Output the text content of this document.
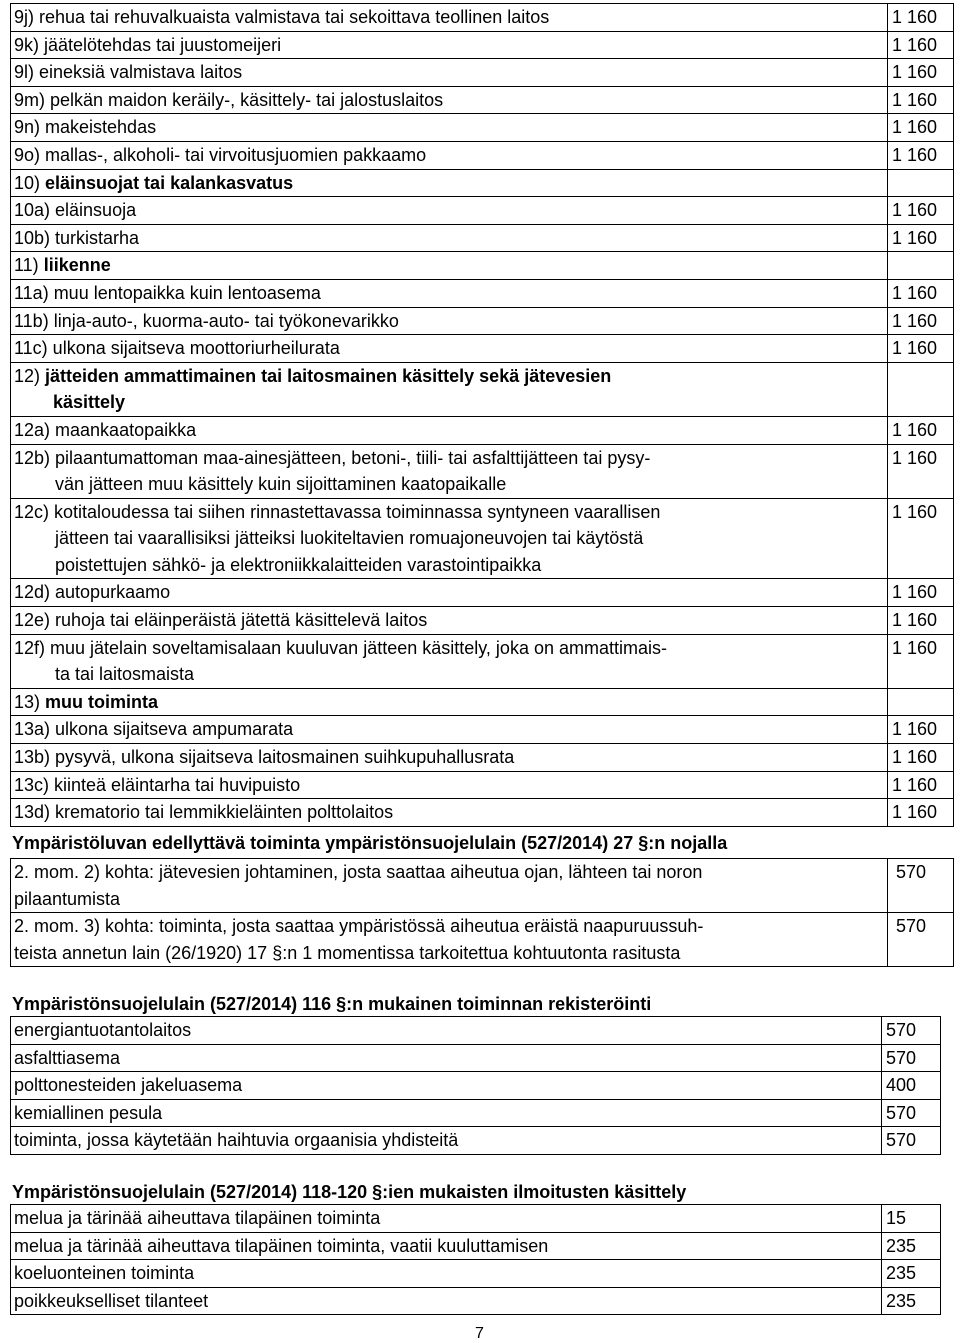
9j) rehua tai rehuvalkuaista valmistava tai sekoittava teollinen laitos	1 160
9k) jäätelötehdas tai juustomeijeri	1 160
9l) eineksiä valmistava laitos	1 160
9m) pelkän maidon keräily-, käsittely- tai jalostuslaitos	1 160
9n) makeistehdas	1 160
9o) mallas-, alkoholi- tai virvoitusjuomien pakkaamo	1 160
10) eläinsuojat tai kalankasvatus	
10a) eläinsuoja	1 160
10b) turkistarha	1 160
11) liikenne	
11a) muu lentopaikka kuin lentoasema	1 160
11b) linja-auto-, kuorma-auto- tai työkonevarikko	1 160
11c) ulkona sijaitseva moottoriurheilurata	1 160
12) jätteiden ammattimainen tai laitosmainen käsittely sekä jätevesien
käsittely	

12a) maankaatopaikka	1 160

12b) pilaantumattoman maa-ainesjätteen, betoni-, tiili- tai asfalttijätteen tai pysy-
vän jätteen muu käsittely kuin sijoittaminen kaatopaikalle	1 160

12c) kotitaloudessa tai siihen rinnastettavassa toiminnassa syntyneen vaarallisen
jätteen tai vaarallisiksi jätteiksi luokiteltavien romuajoneuvojen tai käytöstä
poistettujen sähkö- ja elektroniikkalaitteiden varastointipaikka	1 160
12d) autopurkaamo	1 160
12e) ruhoja tai eläinperäistä jätettä käsittelevä laitos	1 160

12f) muu jätelain soveltamisalaan kuuluvan jätteen käsittely, joka on ammattimais-
ta tai laitosmaista	1 160
13) muu toiminta	
13a) ulkona sijaitseva ampumarata	1 160
13b) pysyvä, ulkona sijaitseva laitosmainen suihkupuhallusrata	1 160
13c) kiinteä eläintarha tai huvipuisto	1 160
13d) krematorio tai lemmikkieläinten polttolaitos	1 160
Ympäristöluvan edellyttävä toiminta ympäristönsuojelulain (527/2014) 27 §:n nojalla
2. mom. 2) kohta: jätevesien johtaminen, josta saattaa aiheutua ojan, lähteen tai noron
pilaantumista	570

2. mom. 3) kohta: toiminta, josta saattaa ympäristössä aiheutua eräistä naapuruussuh-
teista annetun lain (26/1920) 17 §:n 1 momentissa tarkoitettua kohtuutonta rasitusta	570
Ympäristönsuojelulain (527/2014) 116 §:n mukainen toiminnan rekisteröinti
energiantuotantolaitos	570
asfalttiasema	570
polttonesteiden jakeluasema	400
kemiallinen pesula	570
toiminta, jossa käytetään haihtuvia orgaanisia yhdisteitä	570
Ympäristönsuojelulain (527/2014) 118-120 §:ien mukaisten ilmoitusten käsittely
melua ja tärinää aiheuttava tilapäinen toiminta	15
melua ja tärinää aiheuttava tilapäinen toiminta, vaatii kuuluttamisen	235
koeluonteinen toiminta	235
poikkeukselliset tilanteet	235
7
